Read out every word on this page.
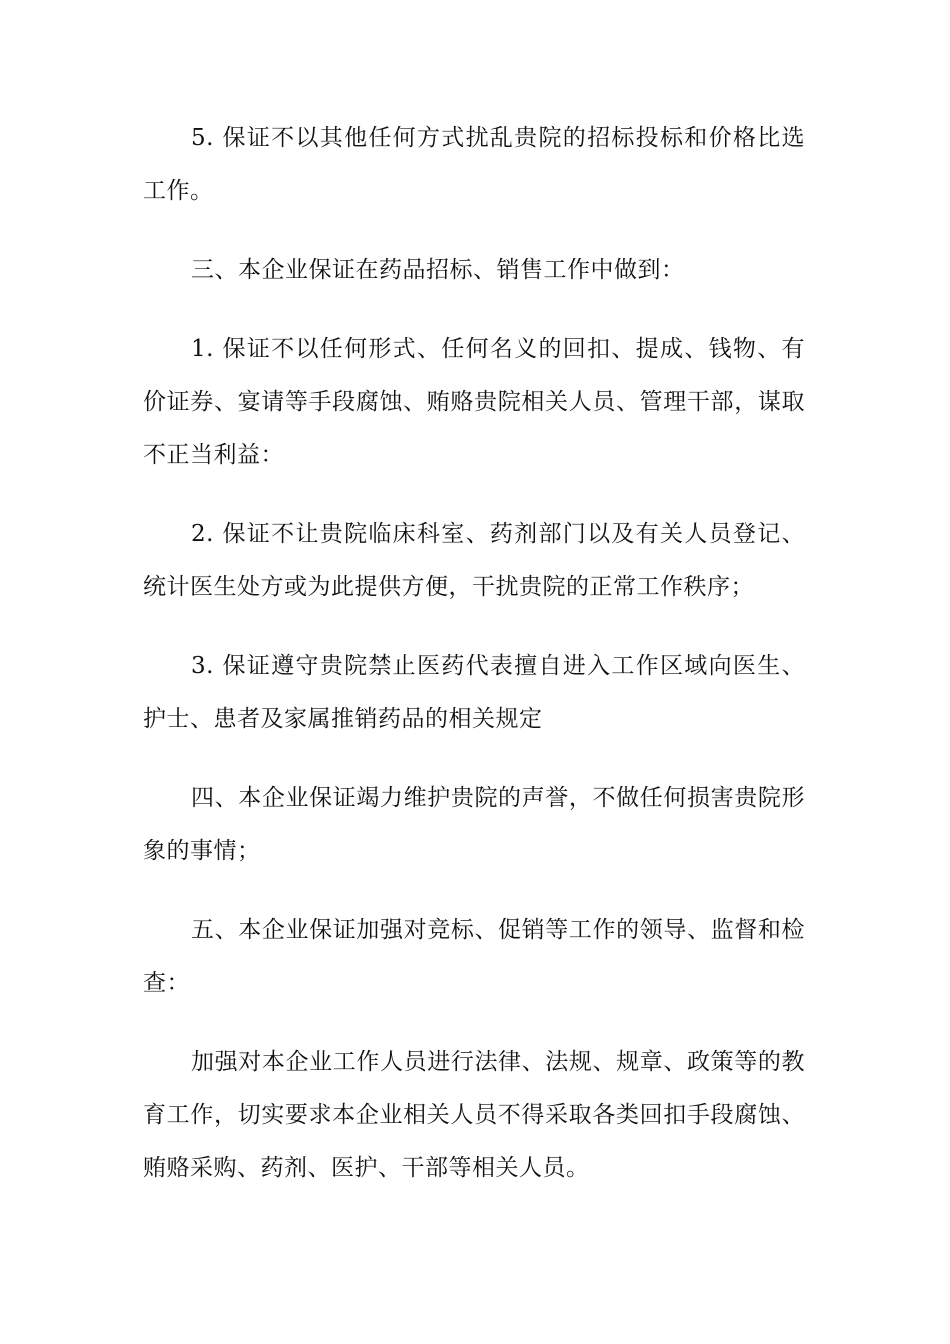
5. 保证不以其他任何方式扰乱贵院的招标投标和价格比选工作。

三、本企业保证在药品招标、销售工作中做到：

1. 保证不以任何形式、任何名义的回扣、提成、钱物、有价证券、宴请等手段腐蚀、贿赂贵院相关人员、管理干部，谋取不正当利益：

2. 保证不让贵院临床科室、药剂部门以及有关人员登记、统计医生处方或为此提供方便，干扰贵院的正常工作秩序；

3. 保证遵守贵院禁止医药代表擅自进入工作区域向医生、护士、患者及家属推销药品的相关规定

四、本企业保证竭力维护贵院的声誉，不做任何损害贵院形象的事情；

五、本企业保证加强对竞标、促销等工作的领导、监督和检查：

加强对本企业工作人员进行法律、法规、规章、政策等的教育工作，切实要求本企业相关人员不得采取各类回扣手段腐蚀、贿赂采购、药剂、医护、干部等相关人员。
